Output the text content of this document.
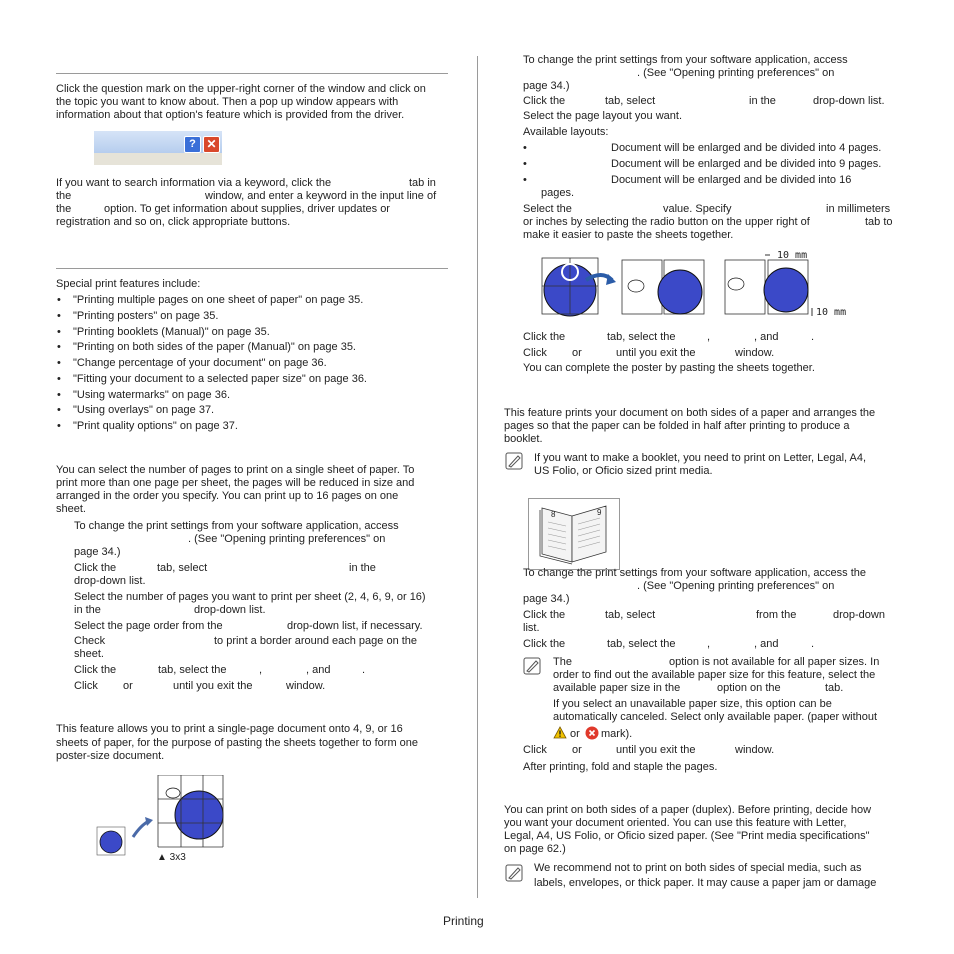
Click the question mark on the upper-right corner of the window and click on
the topic you want to know about. Then a pop up window appears with
information about that option's feature which is provided from the driver.
? ✕
If you want to search information via a keyword, click the	tab in
the	window, and enter a keyword in the input line of
the	option. To get information about supplies, driver updates or
registration and so on, click appropriate buttons.
Special print features include:
• "Printing multiple pages on one sheet of paper" on page 35.
• "Printing posters" on page 35.
• "Printing booklets (Manual)" on page 35.
• "Printing on both sides of the paper (Manual)" on page 35.
• "Change percentage of your document" on page 36.
• "Fitting your document to a selected paper size" on page 36.
• "Using watermarks" on page 36.
• "Using overlays" on page 37.
• "Print quality options" on page 37.
You can select the number of pages to print on a single sheet of paper. To
print more than one page per sheet, the pages will be reduced in size and
arranged in the order you specify. You can print up to 16 pages on one
sheet.
To change the print settings from your software application, access
. (See "Opening printing preferences" on
page 34.)
Click the	tab, select	in the
drop-down list.
Select the number of pages you want to print per sheet (2, 4, 6, 9, or 16)
in the	drop-down list.
Select the page order from the	drop-down list, if necessary.
Check	to print a border around each page on the
sheet.
Click the	tab, select the	,	, and	.
Click or	until you exit the	window.
This feature allows you to print a single-page document onto 4, 9, or 16
sheets of paper, for the purpose of pasting the sheets together to form one
poster-size document.
▲ 3x3
To change the print settings from your software application, access
. (See "Opening printing preferences" on
page 34.)
Click the	tab, select	in the	drop-down list.
Select the page layout you want.
Available layouts:
•	Document will be enlarged and be divided into 4 pages.
•	Document will be enlarged and be divided into 9 pages.
•	Document will be enlarged and be divided into 16
pages.
Select the	value. Specify	in millimeters
or inches by selecting the radio button on the upper right of	tab to
make it easier to paste the sheets together.
10 mm
10 mm
Click the	tab, select the	,	, and	.
Click or	until you exit the	window.
You can complete the poster by pasting the sheets together.
This feature prints your document on both sides of a paper and arranges the
pages so that the paper can be folded in half after printing to produce a
booklet.
If you want to make a booklet, you need to print on Letter, Legal, A4,
US Folio, or Oficio sized print media.
8	9
To change the print settings from your software application, access the
. (See "Opening printing preferences" on
page 34.)
Click the	tab, select	from the	drop-down
list.
Click the	tab, select the	,	, and	.
The	option is not available for all paper sizes. In
order to find out the available paper size for this feature, select the
available paper size in the	option on the	tab.
If you select an unavailable paper size, this option can be
automatically canceled. Select only available paper. (paper without
or mark).
Click or	until you exit the	window.
After printing, fold and staple the pages.
You can print on both sides of a paper (duplex). Before printing, decide how
you want your document oriented. You can use this feature with Letter,
Legal, A4, US Folio, or Oficio sized paper. (See "Print media specifications"
on page 62.)
We recommend not to print on both sides of special media, such as
labels, envelopes, or thick paper. It may cause a paper jam or damage
Printing
